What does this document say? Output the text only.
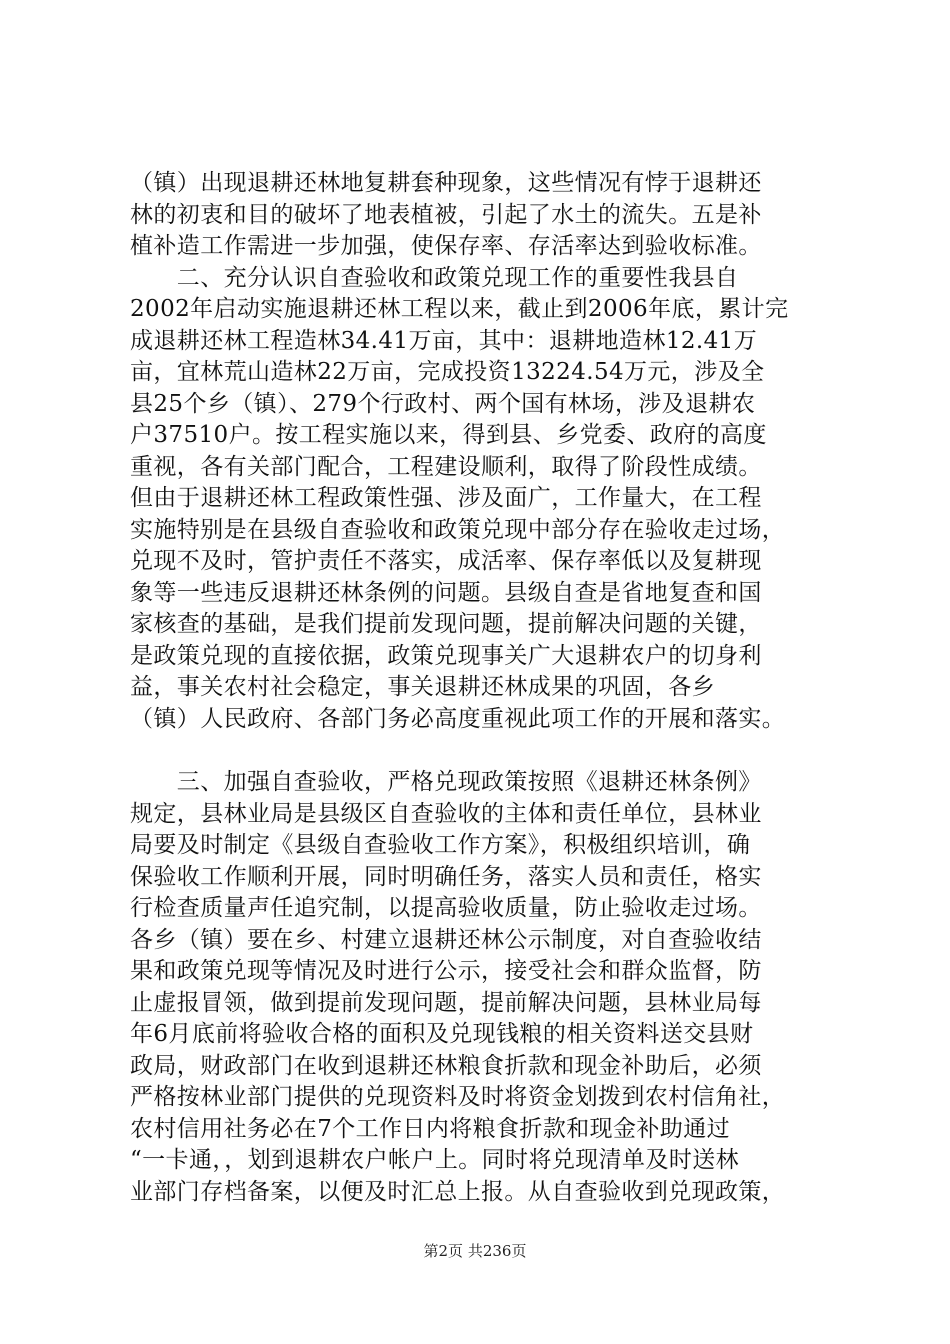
（镇）出现退耕还林地复耕套种现象，这些情况有悖于退耕还
林的初衷和目的破坏了地表植被，引起了水土的流失。五是补
植补造工作需进一步加强，使保存率、存活率达到验收标准。
　　二、充分认识自查验收和政策兑现工作的重要性我县自
2002年启动实施退耕还林工程以来，截止到2006年底，累计完
成退耕还林工程造林34.41万亩，其中：退耕地造林12.41万
亩，宜林荒山造林22万亩，完成投资13224.54万元，涉及全
县25个乡（镇）、279个行政村、两个国有林场，涉及退耕农
户37510户。按工程实施以来，得到县、乡党委、政府的高度
重视，各有关部门配合，工程建设顺利，取得了阶段性成绩。
但由于退耕还林工程政策性强、涉及面广，工作量大，在工程
实施特别是在县级自查验收和政策兑现中部分存在验收走过场，
兑现不及时，管护责任不落实，成活率、保存率低以及复耕现
象等一些违反退耕还林条例的问题。县级自查是省地复查和国
家核查的基础，是我们提前发现问题，提前解决问题的关键，
是政策兑现的直接依据，政策兑现事关广大退耕农户的切身利
益，事关农村社会稳定，事关退耕还林成果的巩固，各乡
（镇）人民政府、各部门务必高度重视此项工作的开展和落实。
　　三、加强自查验收，严格兑现政策按照《退耕还林条例》
规定，县林业局是县级区自查验收的主体和责任单位，县林业
局要及时制定《县级自查验收工作方案》，积极组织培训，确
保验收工作顺利开展，同时明确任务，落实人员和责任，格实
行检查质量声任追究制，以提高验收质量，防止验收走过场。
各乡（镇）要在乡、村建立退耕还林公示制度，对自查验收结
果和政策兑现等情况及时进行公示，接受社会和群众监督，防
止虚报冒领，做到提前发现问题，提前解决问题，县林业局每
年6月底前将验收合格的面积及兑现钱粮的相关资料送交县财
政局，财政部门在收到退耕还林粮食折款和现金补助后，必须
严格按林业部门提供的兑现资料及时将资金划拨到农村信角社，
农村信用社务必在7个工作日内将粮食折款和现金补助通过
“一卡通，，划到退耕农户帐户上。同时将兑现清单及时送林
业部门存档备案，以便及时汇总上报。从自查验收到兑现政策，
第2页 共236页
